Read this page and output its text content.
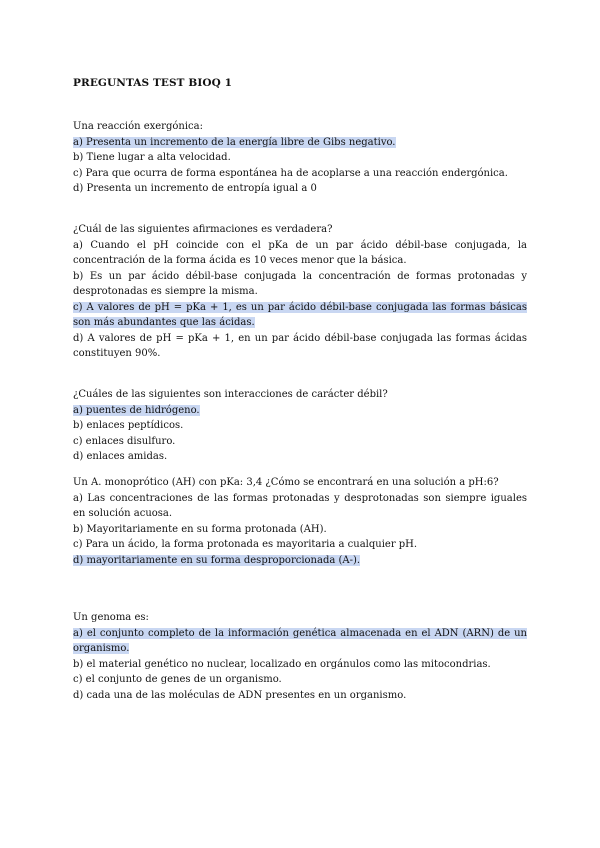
PREGUNTAS TEST BIOQ 1

Una reacción exergónica:

a) Presenta un incremento de la energía libre de Gibs negativo.

b) Tiene lugar a alta velocidad.

c) Para que ocurra de forma espontánea ha de acoplarse a una reacción endergónica.

d) Presenta un incremento de entropía igual a 0

¿Cuál de las siguientes afirmaciones es verdadera?

a) Cuando el pH coincide con el pKa de un par ácido débil-base conjugada, la concentración de la forma ácida es 10 veces menor que la básica.

b) Es un par ácido débil-base conjugada la concentración de formas protonadas y desprotonadas es siempre la misma.

c) A valores de pH = pKa + 1, es un par ácido débil-base conjugada las formas básicas son más abundantes que las ácidas.

d) A valores de pH = pKa + 1, en un par ácido débil-base conjugada las formas ácidas constituyen 90%.

¿Cuáles de las siguientes son interacciones de carácter débil?

a) puentes de hidrógeno.

b) enlaces peptídicos.

c) enlaces disulfuro.

d) enlaces amidas.

Un A. monoprótico (AH) con pKa: 3,4 ¿Cómo se encontrará en una solución a pH:6?

a) Las concentraciones de las formas protonadas y desprotonadas son siempre iguales en solución acuosa.

b) Mayoritariamente en su forma protonada (AH).

c) Para un ácido, la forma protonada es mayoritaria a cualquier pH.

d) mayoritariamente en su forma desproporcionada (A-).

Un genoma es:

a) el conjunto completo de la información genética almacenada en el ADN (ARN) de un organismo.

b) el material genético no nuclear, localizado en orgánulos como las mitocondrias.

c) el conjunto de genes de un organismo.

d) cada una de las moléculas de ADN presentes en un organismo.
